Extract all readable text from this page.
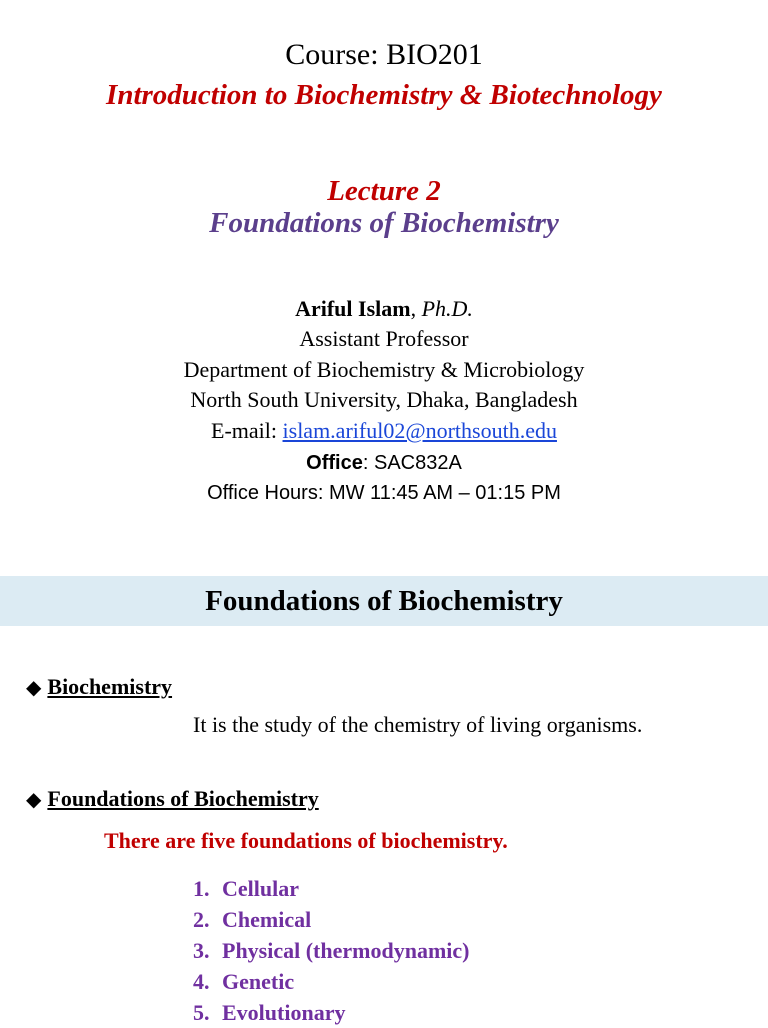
Course: BIO201
Introduction to Biochemistry & Biotechnology
Lecture 2
Foundations of Biochemistry
Ariful Islam, Ph.D.
Assistant Professor
Department of Biochemistry & Microbiology
North South University, Dhaka, Bangladesh
E-mail: islam.ariful02@northsouth.edu
Office: SAC832A
Office Hours: MW 11:45 AM – 01:15 PM
Foundations of Biochemistry
◆ Biochemistry
It is the study of the chemistry of living organisms.
◆ Foundations of Biochemistry
There are five foundations of biochemistry.
1. Cellular
2. Chemical
3. Physical (thermodynamic)
4. Genetic
5. Evolutionary
